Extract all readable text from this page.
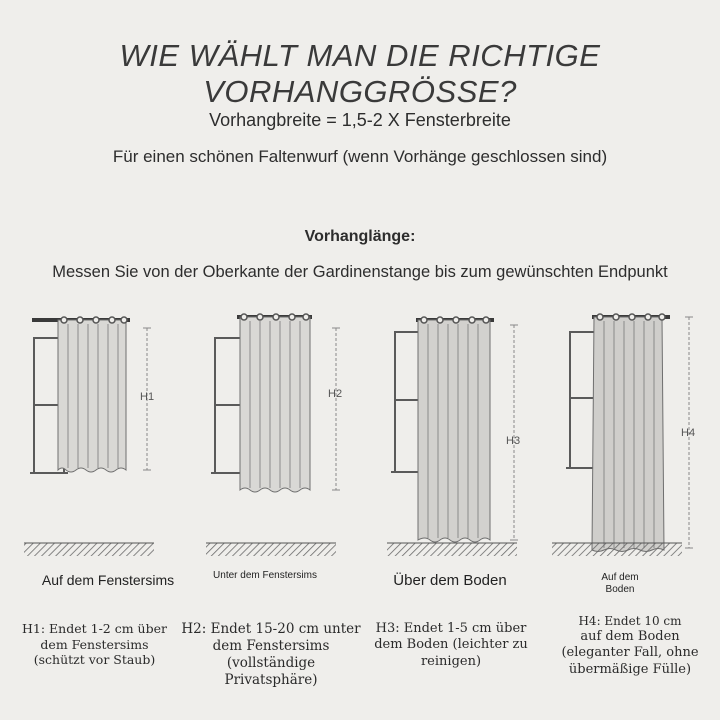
WIE WÄHLT MAN DIE RICHTIGE VORHANGGRÖSSE?
Vorhangbreite = 1,5-2 X Fensterbreite
Für einen schönen Faltenwurf (wenn Vorhänge geschlossen sind)
Vorhanglänge:
Messen Sie von der Oberkante der Gardinenstange bis zum gewünschten Endpunkt
H1	H2
H3
H4
Auf dem Fenstersims	Unter dem Fenstersims	Über dem Boden	Auf dem
Boden
H1: Endet 1-2 cm über
dem Fenstersims
(schützt vor Staub)
H2: Endet 15-20 cm unter
dem Fenstersims
(vollständige
Privatsphäre)
H3: Endet 1-5 cm über
dem Boden (leichter zu
reinigen)
H4: Endet 10 cm
auf dem Boden
(eleganter Fall, ohne
übermäßige Fülle)
